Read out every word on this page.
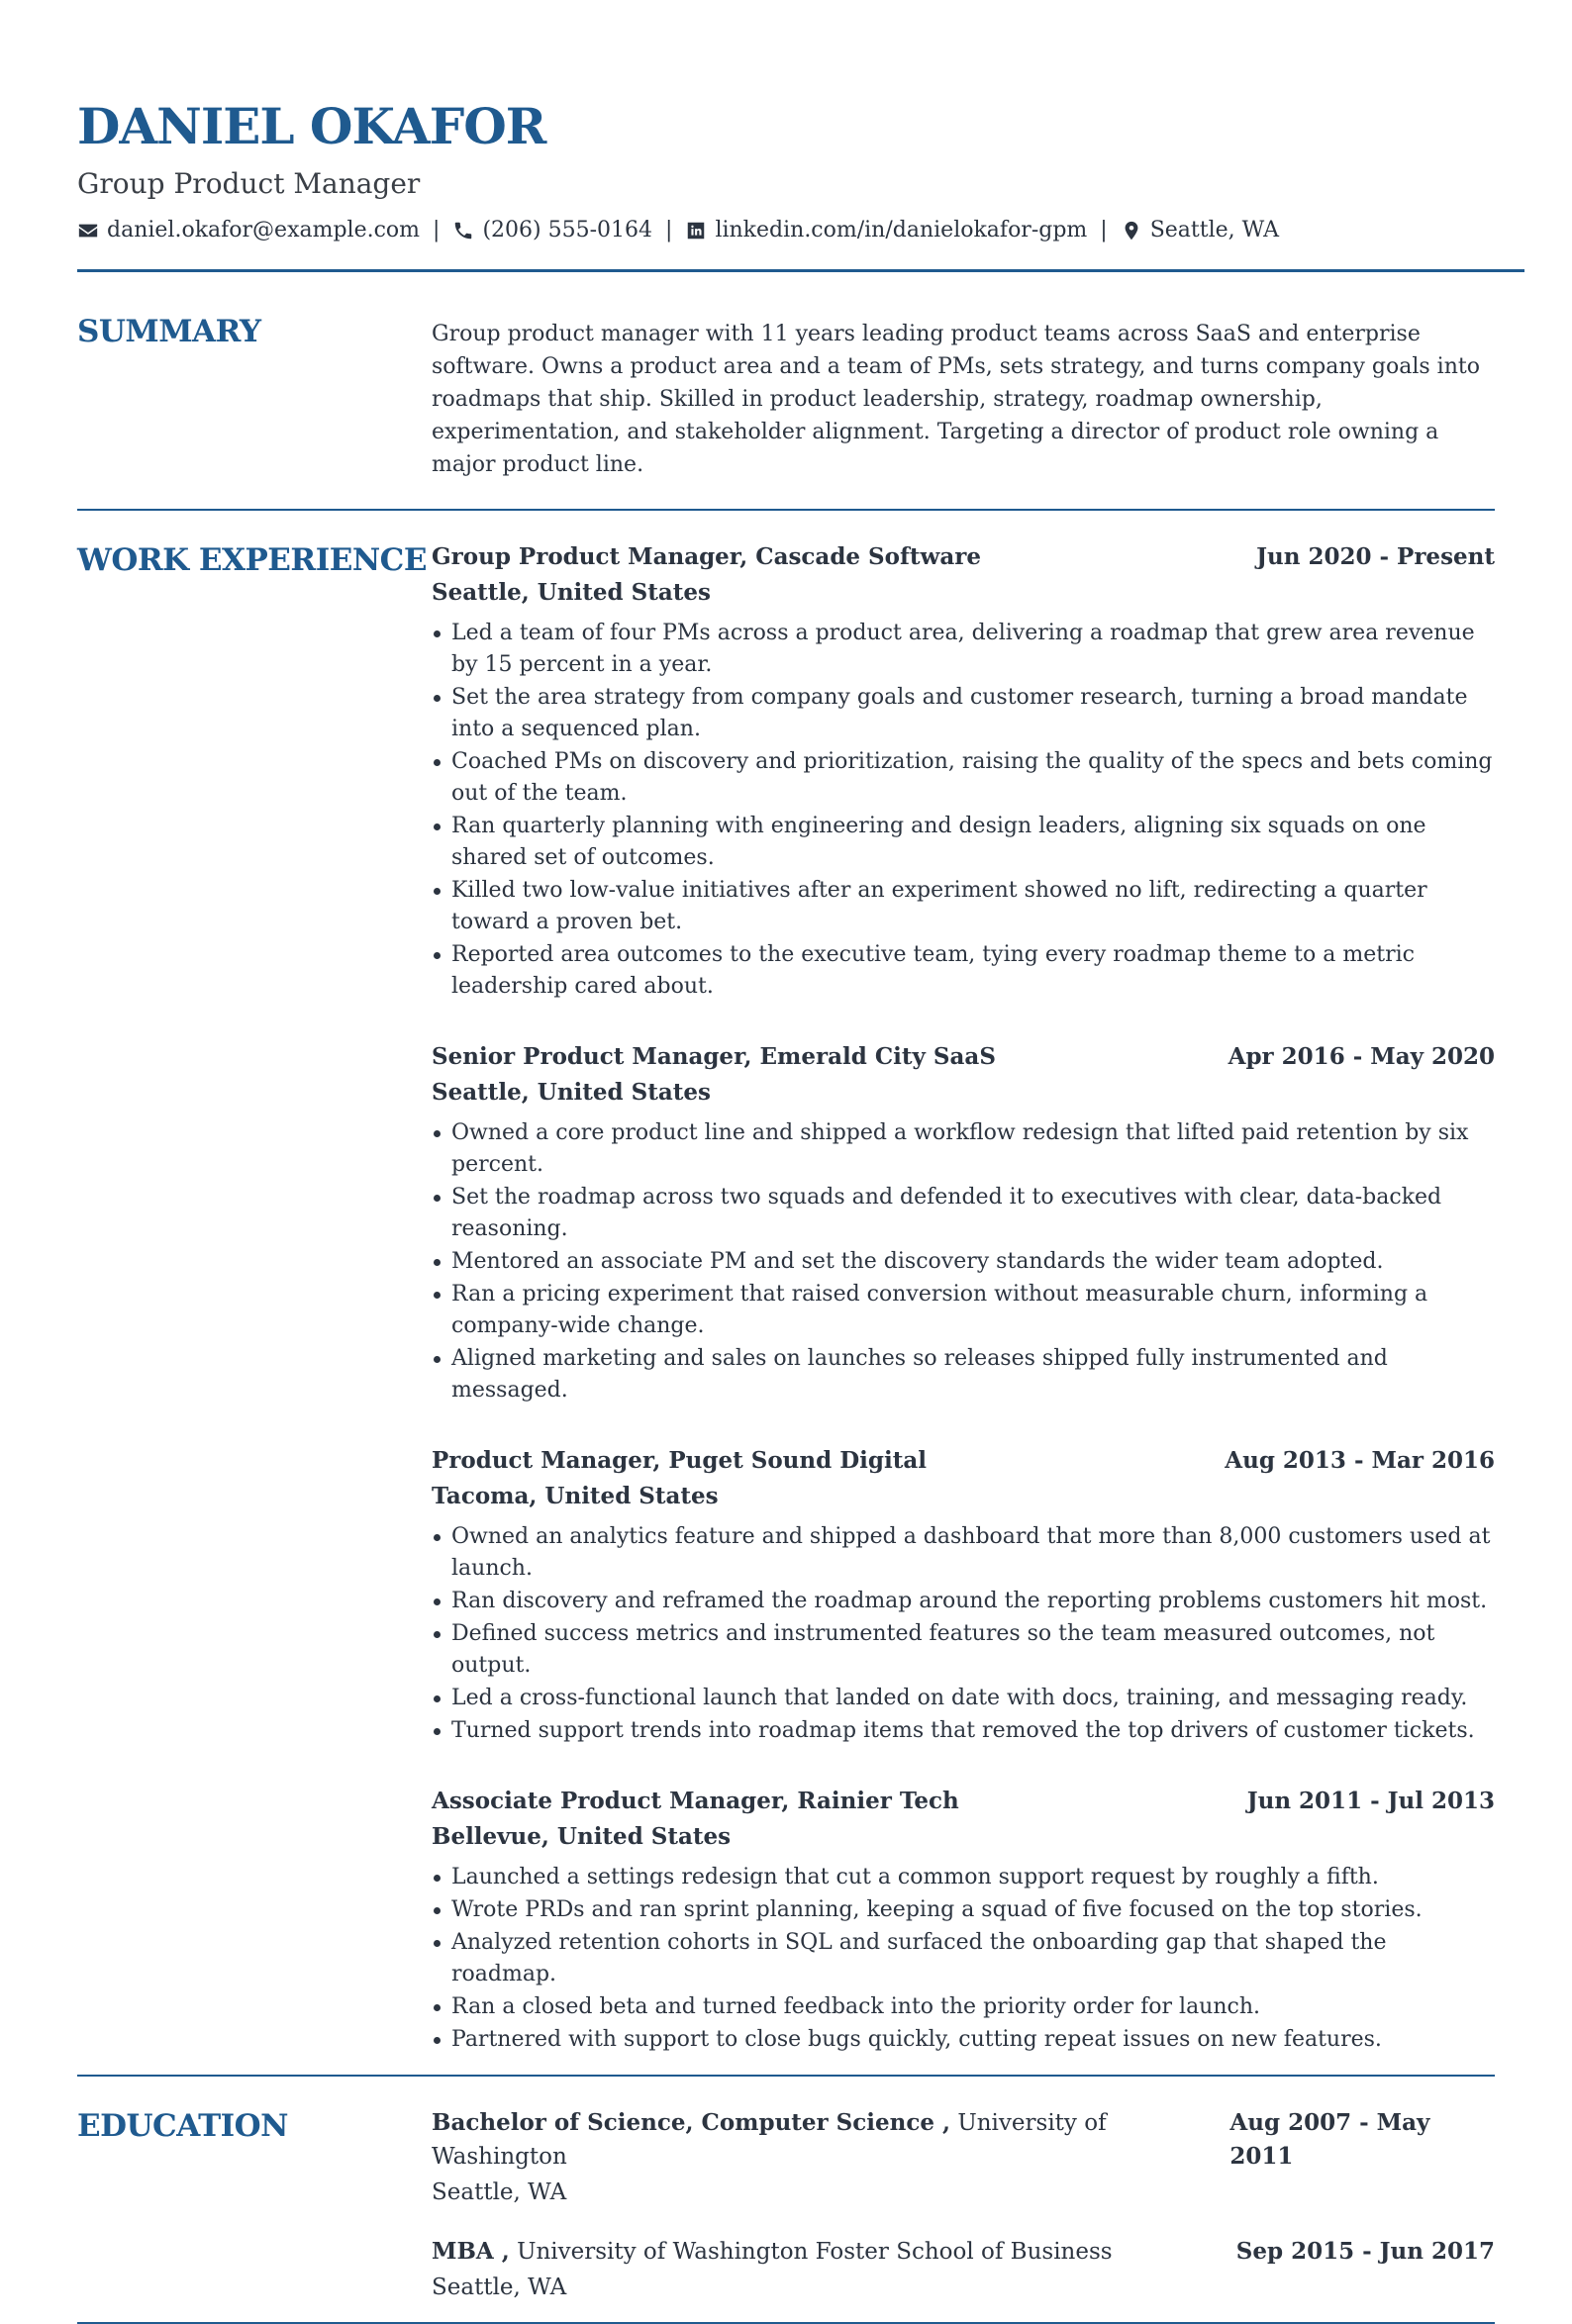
DANIEL OKAFOR
Group Product Manager
daniel.okafor@example.com | (206) 555-0164 | linkedin.com/in/danielokafor-gpm | Seattle, WA
SUMMARY	Group product manager with 11 years leading product teams across SaaS and enterprise software. Owns a product area and a team of PMs, sets strategy, and turns company goals into roadmaps that ship. Skilled in product leadership, strategy, roadmap ownership, experimentation, and stakeholder alignment. Targeting a director of product role owning a major product line.
WORK EXPERIENCE Group Product Manager, Cascade Software	Jun 2020 - Present
Seattle, United States
Led a team of four PMs across a product area, delivering a roadmap that grew area revenue by 15 percent in a year.
Set the area strategy from company goals and customer research, turning a broad mandate into a sequenced plan.
Coached PMs on discovery and prioritization, raising the quality of the specs and bets coming out of the team.
Ran quarterly planning with engineering and design leaders, aligning six squads on one shared set of outcomes.
Killed two low-value initiatives after an experiment showed no lift, redirecting a quarter toward a proven bet.
Reported area outcomes to the executive team, tying every roadmap theme to a metric leadership cared about.
Senior Product Manager, Emerald City SaaS	Apr 2016 - May 2020
Seattle, United States
Owned a core product line and shipped a workflow redesign that lifted paid retention by six percent.
Set the roadmap across two squads and defended it to executives with clear, data-backed reasoning.
Mentored an associate PM and set the discovery standards the wider team adopted.
Ran a pricing experiment that raised conversion without measurable churn, informing a company-wide change.
Aligned marketing and sales on launches so releases shipped fully instrumented and messaged.
Product Manager, Puget Sound Digital	Aug 2013 - Mar 2016
Tacoma, United States
Owned an analytics feature and shipped a dashboard that more than 8,000 customers used at launch.
Ran discovery and reframed the roadmap around the reporting problems customers hit most.
Defined success metrics and instrumented features so the team measured outcomes, not output.
Led a cross-functional launch that landed on date with docs, training, and messaging ready.
Turned support trends into roadmap items that removed the top drivers of customer tickets.
Associate Product Manager, Rainier Tech	Jun 2011 - Jul 2013
Bellevue, United States
Launched a settings redesign that cut a common support request by roughly a fifth.
Wrote PRDs and ran sprint planning, keeping a squad of five focused on the top stories.
Analyzed retention cohorts in SQL and surfaced the onboarding gap that shaped the roadmap.
Ran a closed beta and turned feedback into the priority order for launch.
Partnered with support to close bugs quickly, cutting repeat issues on new features.
EDUCATION	Bachelor of Science, Computer Science , University of Washington
Aug 2007 - May 2011
Seattle, WA
MBA , University of Washington Foster School of Business	Sep 2015 - Jun 2017
Seattle, WA
